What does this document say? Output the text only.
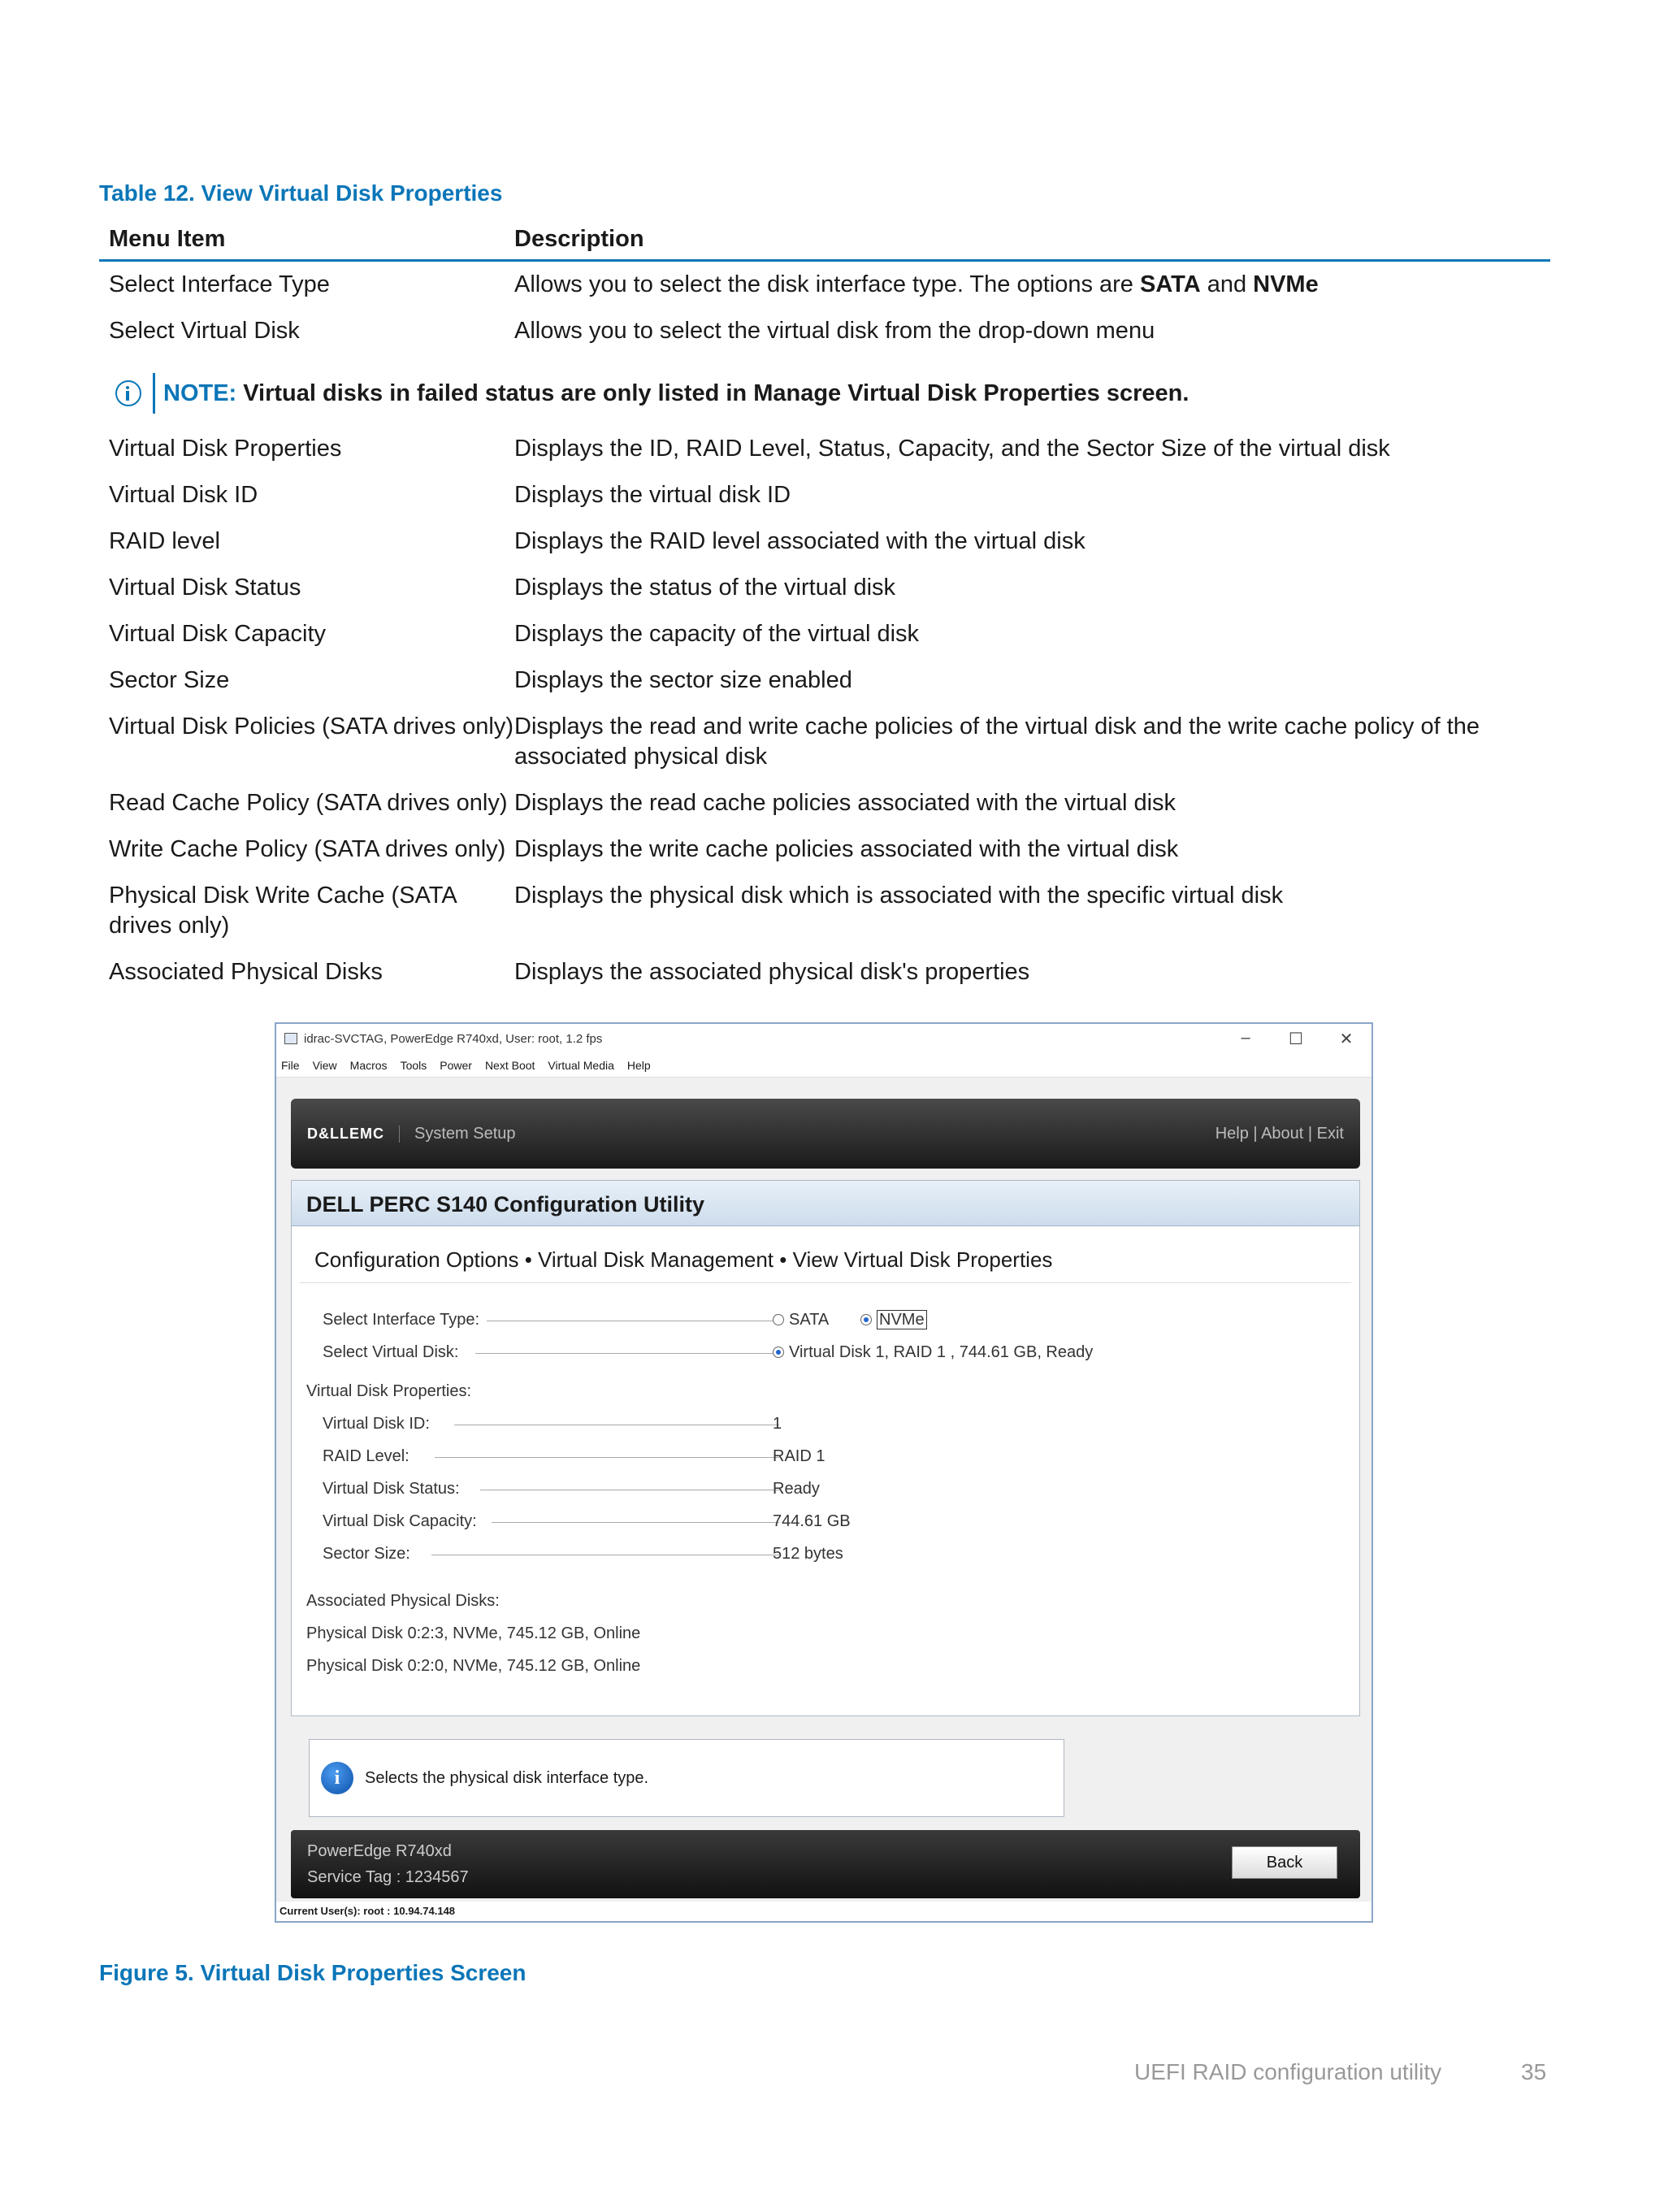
Table 12. View Virtual Disk Properties
Menu Item	Description
Select Interface Type	Allows you to select the disk interface type. The options are SATA and NVMe
Select Virtual Disk	Allows you to select the virtual disk from the drop-down menu
NOTE: Virtual disks in failed status are only listed in Manage Virtual Disk Properties screen.
Virtual Disk Properties	Displays the ID, RAID Level, Status, Capacity, and the Sector Size of the virtual disk
Virtual Disk ID	Displays the virtual disk ID
RAID level	Displays the RAID level associated with the virtual disk
Virtual Disk Status	Displays the status of the virtual disk
Virtual Disk Capacity	Displays the capacity of the virtual disk
Sector Size	Displays the sector size enabled
Virtual Disk Policies (SATA drives only) Displays the read and write cache policies of the virtual disk and the write cache policy of the associated physical disk
Read Cache Policy (SATA drives only) Displays the read cache policies associated with the virtual disk
Write Cache Policy (SATA drives only) Displays the write cache policies associated with the virtual disk
Physical Disk Write Cache (SATA drives only)
Displays the physical disk which is associated with the specific virtual disk
Associated Physical Disks	Displays the associated physical disk's properties
idrac-SVCTAG, PowerEdge R740xd, User: root, 1.2 fps	–	☐	✕
File View Macros Tools Power Next Boot Virtual Media Help
D&LLEMC	System Setup	Help | About | Exit
DELL PERC S140 Configuration Utility
Configuration Options • Virtual Disk Management • View Virtual Disk Properties
Select Interface Type:	SATA	NVMe
Select Virtual Disk:	Virtual Disk 1, RAID 1 , 744.61 GB, Ready
Virtual Disk Properties:
Virtual Disk ID:	1
RAID Level:	RAID 1
Virtual Disk Status:	Ready
Virtual Disk Capacity:	744.61 GB
Sector Size:	512 bytes
Associated Physical Disks:
Physical Disk 0:2:3, NVMe, 745.12 GB, Online
Physical Disk 0:2:0, NVMe, 745.12 GB, Online
i	Selects the physical disk interface type.
PowerEdge R740xd
Service Tag : 1234567
Back
Current User(s): root : 10.94.74.148
Figure 5. Virtual Disk Properties Screen
UEFI RAID configuration utility	35
